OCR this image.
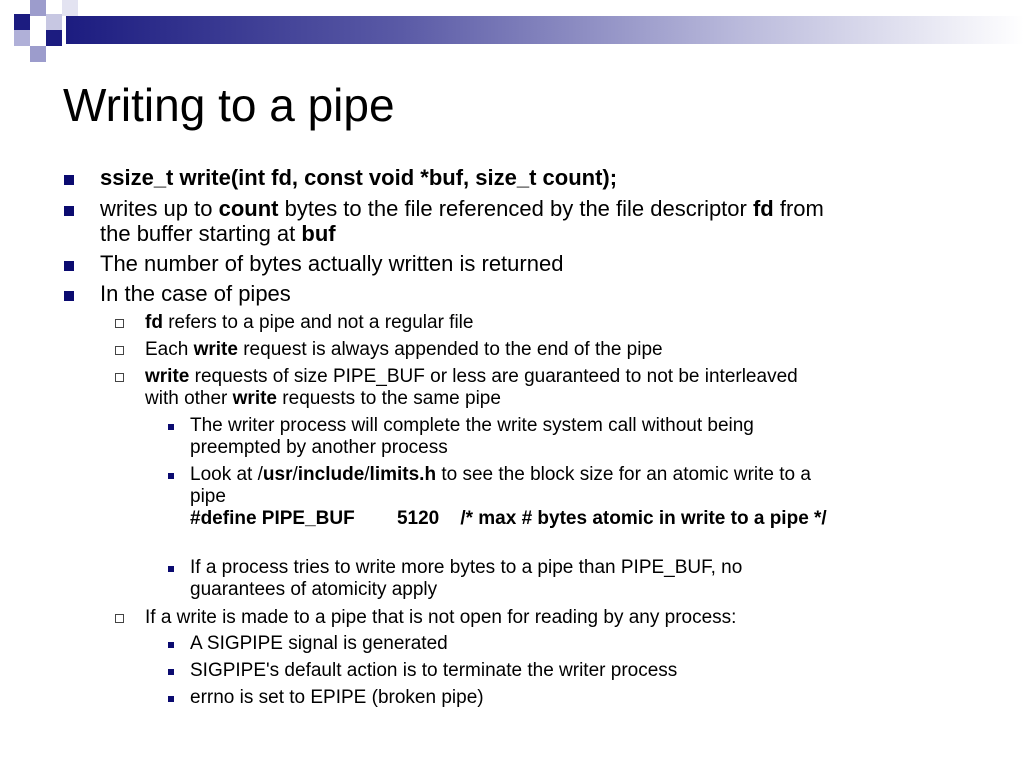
Writing to a pipe
ssize_t write(int fd, const void *buf, size_t count);
writes up to count bytes to the file referenced by the file descriptor fd from
the buffer starting at buf
The number of bytes actually written is returned
In the case of pipes
fd refers to a pipe and not a regular file
Each write request is always appended to the end of the pipe
write requests of size PIPE_BUF or less are guaranteed to not be interleaved
with other write requests to the same pipe
The writer process will complete the write system call without being
preempted by another process
Look at /usr/include/limits.h to see the block size for an atomic write to a
pipe
#define PIPE_BUF        5120    /* max # bytes atomic in write to a pipe */
If a process tries to write more bytes to a pipe than PIPE_BUF, no
guarantees of atomicity apply
If a write is made to a pipe that is not open for reading by any process:
A SIGPIPE signal is generated
SIGPIPE's default action is to terminate the writer process
errno is set to EPIPE (broken pipe)
